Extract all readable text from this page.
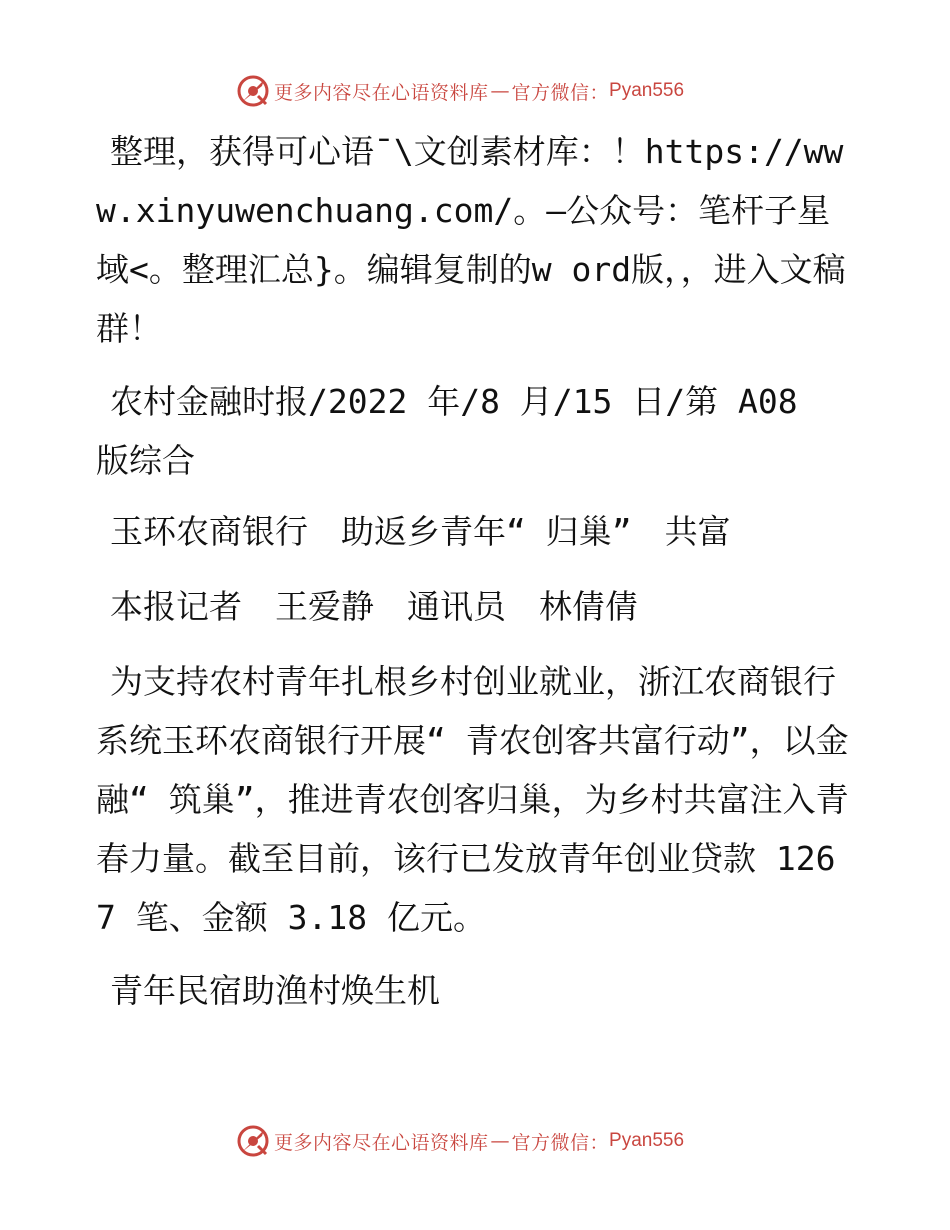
更多内容尽在心语资料库 — 官方微信： Pyan556

整理，获得可心语¯\文创素材库：！https://www.xinyuwenchuang.com/。—公众号：笔杆子星域<。整理汇总}。编辑复制的w ord版，，进入文稿群！

农村金融时报/2022 年/8 月/15 日/第 A08 版综合

玉环农商银行　助返乡青年“ 归巢”　共富

本报记者　王爱静　通讯员　林倩倩

为支持农村青年扎根乡村创业就业，浙江农商银行系统玉环农商银行开展“ 青农创客共富行动”，以金融“ 筑巢”，推进青农创客归巢，为乡村共富注入青春力量。截至目前，该行已发放青年创业贷款 1267 笔、金额 3.18 亿元。

青年民宿助渔村焕生机

更多内容尽在心语资料库 — 官方微信： Pyan556
